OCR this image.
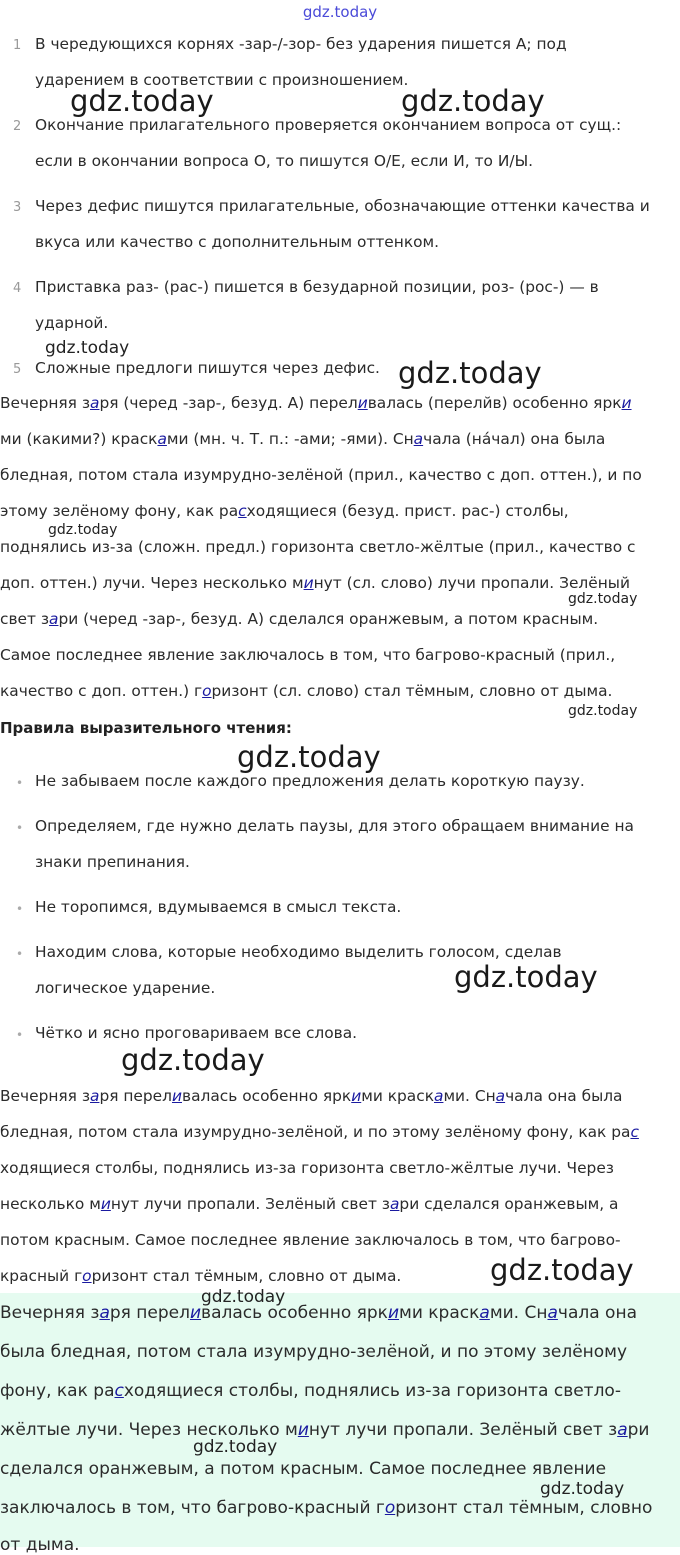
gdz.today
1 В чередующихся корнях -зар-/-зор- без ударения пишется А; под
ударением в соответствии с произношением.
2 Окончание прилагательного проверяется окончанием вопроса от сущ.:
если в окончании вопроса О, то пишутся О/Е, если И, то И/Ы.
3 Через дефис пишутся прилагательные, обозначающие оттенки качества и
вкуса или качество с дополнительным оттенком.
4 Приставка раз- (рас-) пишется в безударной позиции, роз- (рос-) — в
ударной.
5 Сложные предлоги пишутся через дефис.
Вечерняя заря (черед -зар-, безуд. А) переливалась (перелйв) особенно ярки
ми (какими?) красками (мн. ч. Т. п.: -ами; -ями). Сначала (нáчал) она была
бледная, потом стала изумрудно-зелёной (прил., качество с доп. оттен.), и по
этому зелёному фону, как расходящиеся (безуд. прист. рас-) столбы,
поднялись из-за (сложн. предл.) горизонта светло-жёлтые (прил., качество с
доп. оттен.) лучи. Через несколько минут (сл. слово) лучи пропали. Зелёный
свет зари (черед -зар-, безуд. А) сделался оранжевым, а потом красным.
Самое последнее явление заключалось в том, что багрово-красный (прил.,
качество с доп. оттен.) горизонт (сл. слово) стал тёмным, словно от дыма.
Правила выразительного чтения:
• Не забываем после каждого предложения делать короткую паузу.
• Определяем, где нужно делать паузы, для этого обращаем внимание на
знаки препинания.
• Не торопимся, вдумываемся в смысл текста.
• Находим слова, которые необходимо выделить голосом, сделав
логическое ударение.
• Чётко и ясно проговариваем все слова.
Вечерняя заря переливалась особенно яркими красками. Сначала она была
бледная, потом стала изумрудно-зелёной, и по этому зелёному фону, как рас
ходящиеся столбы, поднялись из-за горизонта светло-жёлтые лучи. Через
несколько минут лучи пропали. Зелёный свет зари сделался оранжевым, а
потом красным. Самое последнее явление заключалось в том, что багрово-
красный горизонт стал тёмным, словно от дыма.
Вечерняя заря переливалась особенно яркими красками. Сначала она
была бледная, потом стала изумрудно-зелёной, и по этому зелёному
фону, как расходящиеся столбы, поднялись из-за горизонта светло-
жёлтые лучи. Через несколько минут лучи пропали. Зелёный свет зари
сделался оранжевым, а потом красным. Самое последнее явление
заключалось в том, что багрово-красный горизонт стал тёмным, словно
от дыма.
gdz.today	gdz.today
gdz.today
gdz.today
gdz.today
gdz.today
gdz.today
gdz.today
gdz.today
gdz.today
gdz.today
gdz.today
gdz.today
gdz.today
